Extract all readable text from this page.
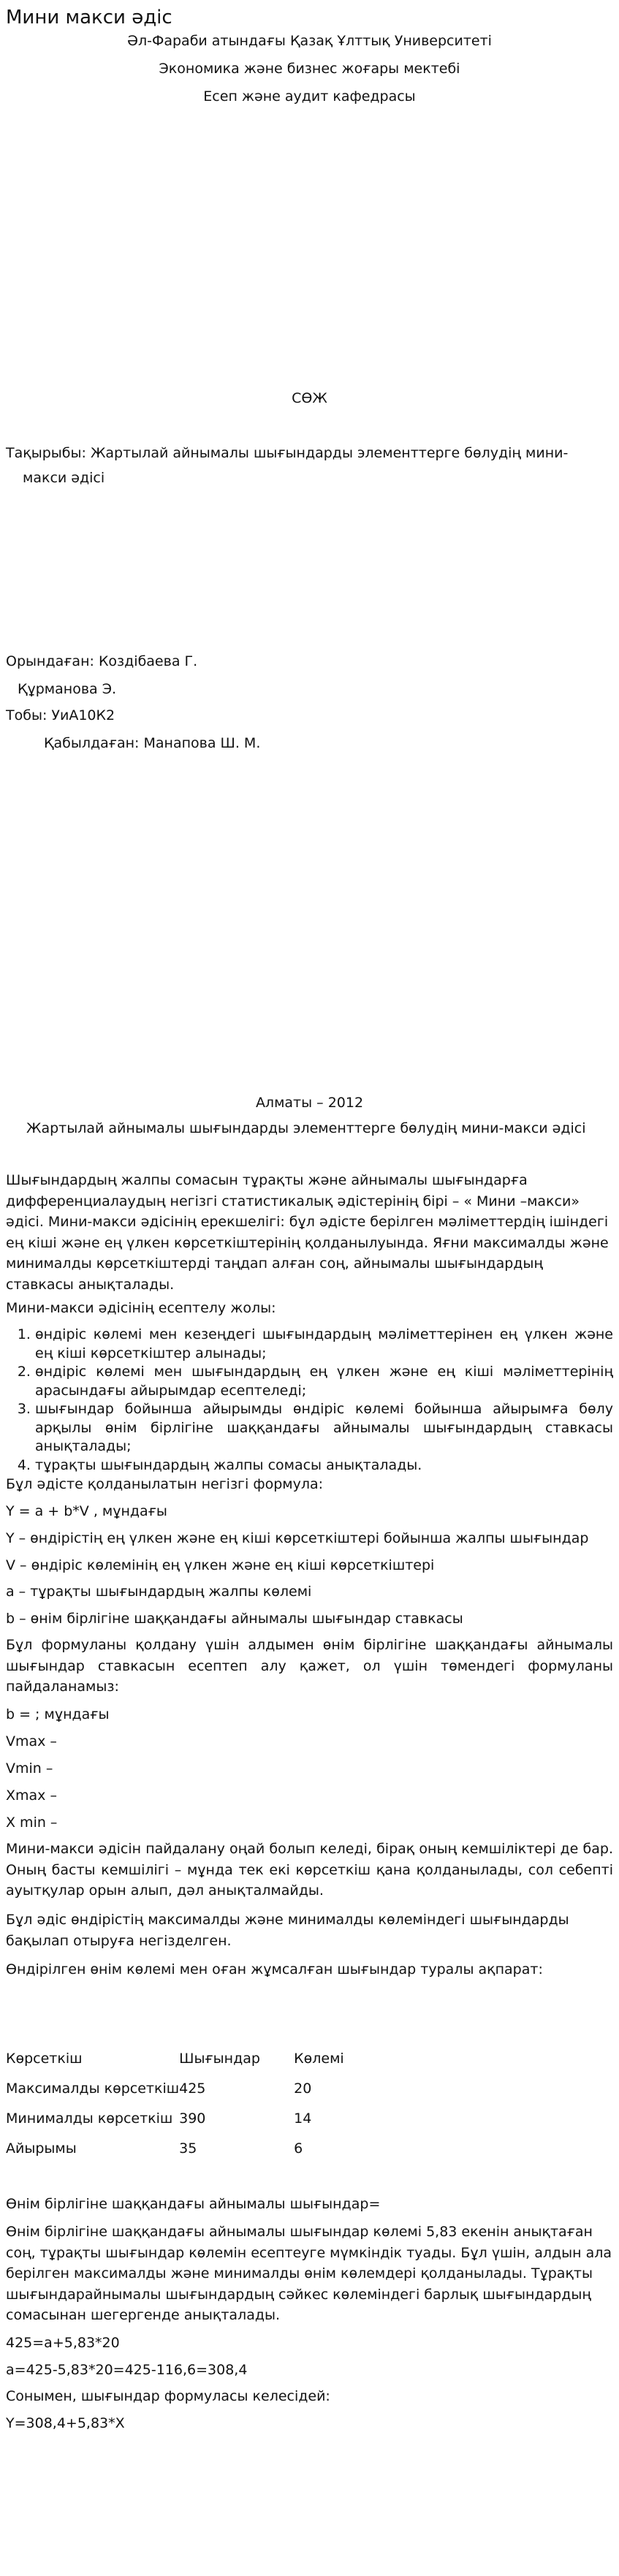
Мини макси әдіс
Әл-Фараби атындағы Қазақ Ұлттық Университеті
Экономика және бизнес жоғары мектебі
Есеп және аудит кафедрасы
СӨЖ
Тақырыбы: Жартылай айнымалы шығындарды элементтерге бөлудің мини-
макси әдісі
Орындаған: Коздібаева Г.
Құрманова Э.
Тобы: УиА10К2
Қабылдаған: Манапова Ш. М.
Алматы – 2012
Жартылай айнымалы шығындарды элементтерге бөлудің мини-макси әдісі
Шығындардың жалпы сомасын тұрақты және айнымалы шығындарға дифференциалаудың негізгі статистикалық әдістерінің бірі – « Мини –макси» әдісі. Мини-макси әдісінің ерекшелігі: бұл әдісте берілген мәліметтердің ішіндегі ең кіші және ең үлкен көрсеткіштерінің қолданылуында. Яғни максималды және минималды көрсеткіштерді таңдап алған соң, айнымалы шығындардың ставкасы анықталады.
Мини-макси әдісінің есептелу жолы:
1. өндіріс көлемі мен кезеңдегі шығындардың мәліметтерінен ең үлкен және ең кіші көрсеткіштер алынады;
2. өндіріс көлемі мен шығындардың ең үлкен және ең кіші мәліметтерінің арасындағы айырымдар есептеледі;
3. шығындар бойынша айырымды өндіріс көлемі бойынша айырымға бөлу арқылы өнім бірлігіне шаққандағы айнымалы шығындардың ставкасы анықталады;
4. тұрақты шығындардың жалпы сомасы анықталады.
Бұл әдісте қолданылатын негізгі формула:
Y = a + b*V , мұндағы
Y – өндірістің ең үлкен және ең кіші көрсеткіштері бойынша жалпы шығындар
V – өндіріс көлемінің ең үлкен және ең кіші көрсеткіштері
a – тұрақты шығындардың жалпы көлемі
b – өнім бірлігіне шаққандағы айнымалы шығындар ставкасы
Бұл формуланы қолдану үшін алдымен өнім бірлігіне шаққандағы айнымалы шығындар ставкасын есептеп алу қажет, ол үшін төмендегі формуланы пайдаланамыз:
b = ; мұндағы
Vmax –
Vmin –
Xmax –
X min –
Мини-макси әдісін пайдалану оңай болып келеді, бірақ оның кемшіліктері де бар. Оның басты кемшілігі – мұнда тек екі көрсеткіш қана қолданылады, сол себепті ауытқулар орын алып, дәл анықталмайды.
Бұл әдіс өндірістің максималды және минималды көлеміндегі шығындарды бақылап отыруға негізделген.
Өндірілген өнім көлемі мен оған жұмсалған шығындар туралы ақпарат:
Көрсеткіш	Шығындар	Көлемі
Максималды көрсеткіш	425	20
Минималды көрсеткіш	390	14
Айырымы	35	6
Өнім бірлігіне шаққандағы айнымалы шығындар=
Өнім бірлігіне шаққандағы айнымалы шығындар көлемі 5,83 екенін анықтаған соң, тұрақты шығындар көлемін есептеуге мүмкіндік туады. Бұл үшін, алдын ала берілген максималды және минималды өнім көлемдері қолданылады. Тұрақты шығындарайнымалы шығындардың сәйкес көлеміндегі барлық шығындардың сомасынан шегергенде анықталады.
425=a+5,83*20
a=425-5,83*20=425-116,6=308,4
Сонымен, шығындар формуласы келесідей:
Y=308,4+5,83*X
